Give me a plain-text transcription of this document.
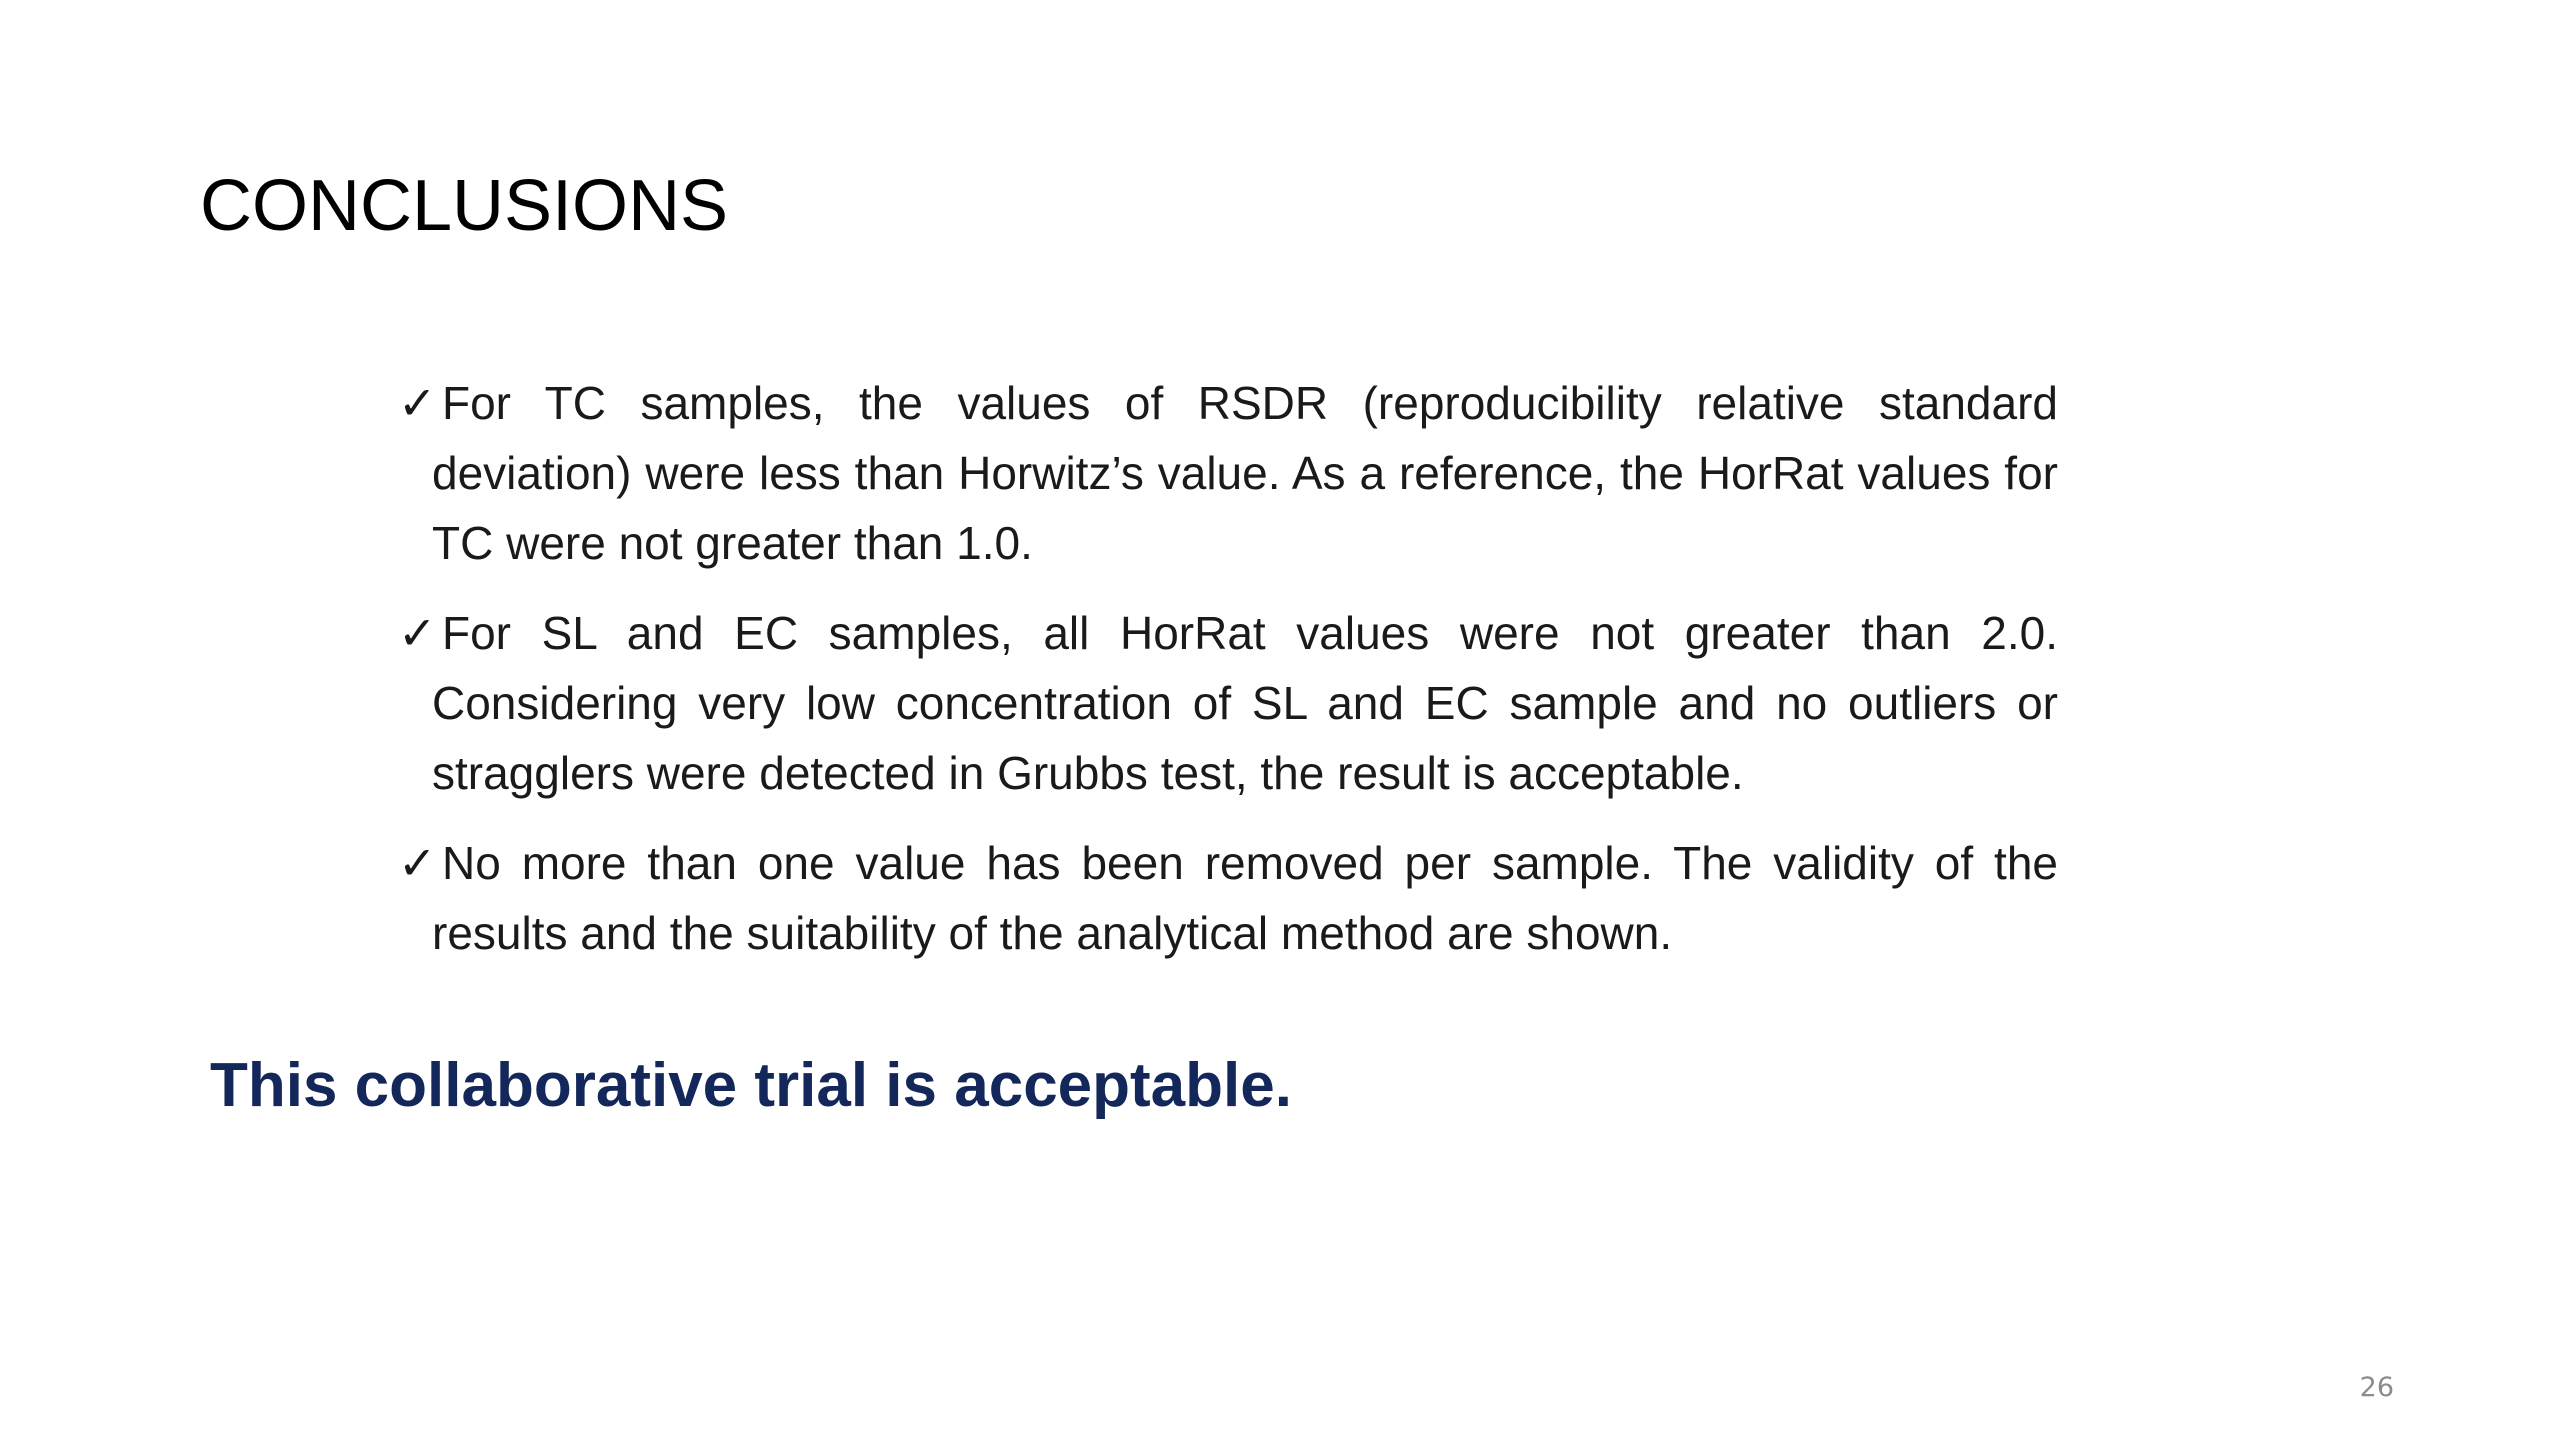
CONCLUSIONS
✓ For TC samples, the values of RSDR (reproducibility relative standard deviation) were less than Horwitz’s value. As a reference, the HorRat values for TC were not greater than 1.0.
✓ For SL and EC samples, all HorRat values were not greater than 2.0. Considering very low concentration of SL and EC sample and no outliers or stragglers were detected in Grubbs test, the result is acceptable.
✓ No more than one value has been removed per sample. The validity of the results and the suitability of the analytical method are shown.

This collaborative trial is acceptable.

26
